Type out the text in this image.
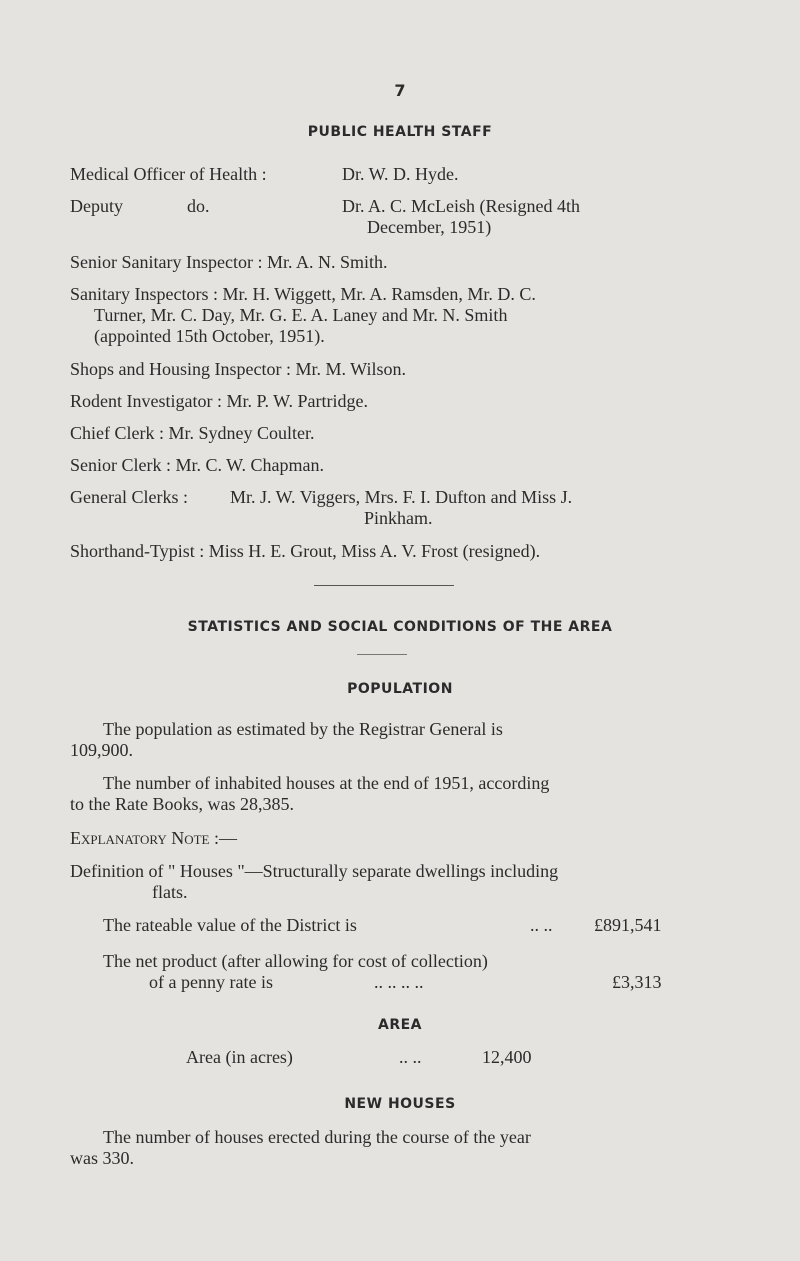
7
PUBLIC HEALTH STAFF
Medical Officer of Health :	Dr. W. D. Hyde.
Deputy	do.	Dr. A. C. McLeish (Resigned 4th
December, 1951)
Senior Sanitary Inspector : Mr. A. N. Smith.
Sanitary Inspectors : Mr. H. Wiggett, Mr. A. Ramsden, Mr. D. C.
Turner, Mr. C. Day, Mr. G. E. A. Laney and Mr. N. Smith
(appointed 15th October, 1951).
Shops and Housing Inspector : Mr. M. Wilson.
Rodent Investigator : Mr. P. W. Partridge.
Chief Clerk : Mr. Sydney Coulter.
Senior Clerk : Mr. C. W. Chapman.
General Clerks : Mr. J. W. Viggers, Mrs. F. I. Dufton and Miss J.
Pinkham.
Shorthand-Typist : Miss H. E. Grout, Miss A. V. Frost (resigned).
STATISTICS AND SOCIAL CONDITIONS OF THE AREA
POPULATION
The population as estimated by the Registrar General is
109,900.
The number of inhabited houses at the end of 1951, according
to the Rate Books, was 28,385.
Explanatory Note :—
Definition of " Houses "—Structurally separate dwellings including
flats.
The rateable value of the District is	.. .. £891,541
The net product (after allowing for cost of collection)
of a penny rate is	.. .. .. ..	£3,313
AREA
Area (in acres)	.. ..	12,400
NEW HOUSES
The number of houses erected during the course of the year
was 330.
